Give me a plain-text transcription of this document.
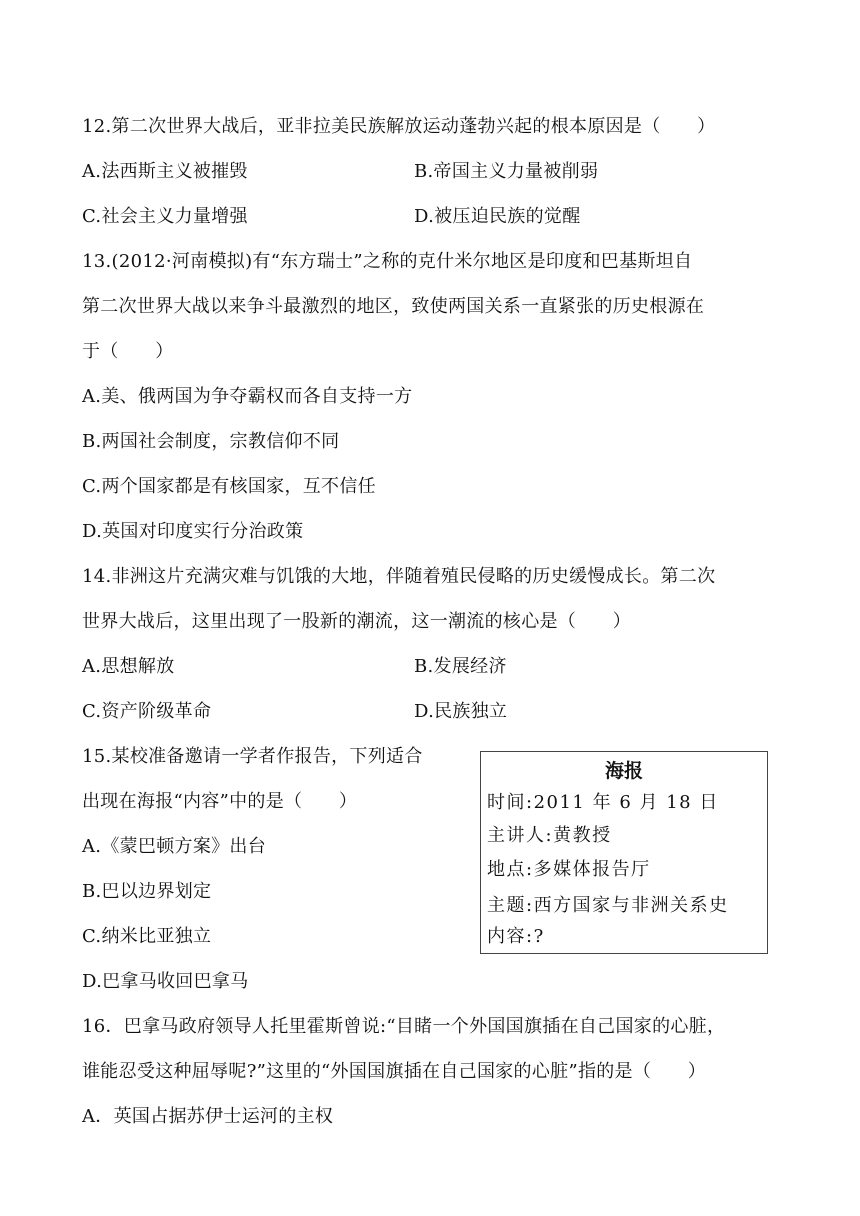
12.第二次世界大战后，亚非拉美民族解放运动蓬勃兴起的根本原因是（　　）
A.法西斯主义被摧毁	B.帝国主义力量被削弱
C.社会主义力量增强	D.被压迫民族的觉醒
13.(2012·河南模拟)有“东方瑞士”之称的克什米尔地区是印度和巴基斯坦自
第二次世界大战以来争斗最激烈的地区，致使两国关系一直紧张的历史根源在
于（　　）
A.美、俄两国为争夺霸权而各自支持一方
B.两国社会制度，宗教信仰不同
C.两个国家都是有核国家，互不信任
D.英国对印度实行分治政策
14.非洲这片充满灾难与饥饿的大地，伴随着殖民侵略的历史缓慢成长。第二次
世界大战后，这里出现了一股新的潮流，这一潮流的核心是（　　）
A.思想解放	B.发展经济
C.资产阶级革命	D.民族独立
15.某校准备邀请一学者作报告，下列适合
出现在海报“内容”中的是（　　）
A.《蒙巴顿方案》出台
B.巴以边界划定
C.纳米比亚独立
D.巴拿马收回巴拿马
海报
时间:2011 年 6 月 18 日
主讲人:黄教授
地点:多媒体报告厅
主题:西方国家与非洲关系史
内容:?
16．巴拿马政府领导人托里霍斯曾说:“目睹一个外国国旗插在自己国家的心脏，
谁能忍受这种屈辱呢?”这里的“外国国旗插在自己国家的心脏”指的是（　　）
A．英国占据苏伊士运河的主权
